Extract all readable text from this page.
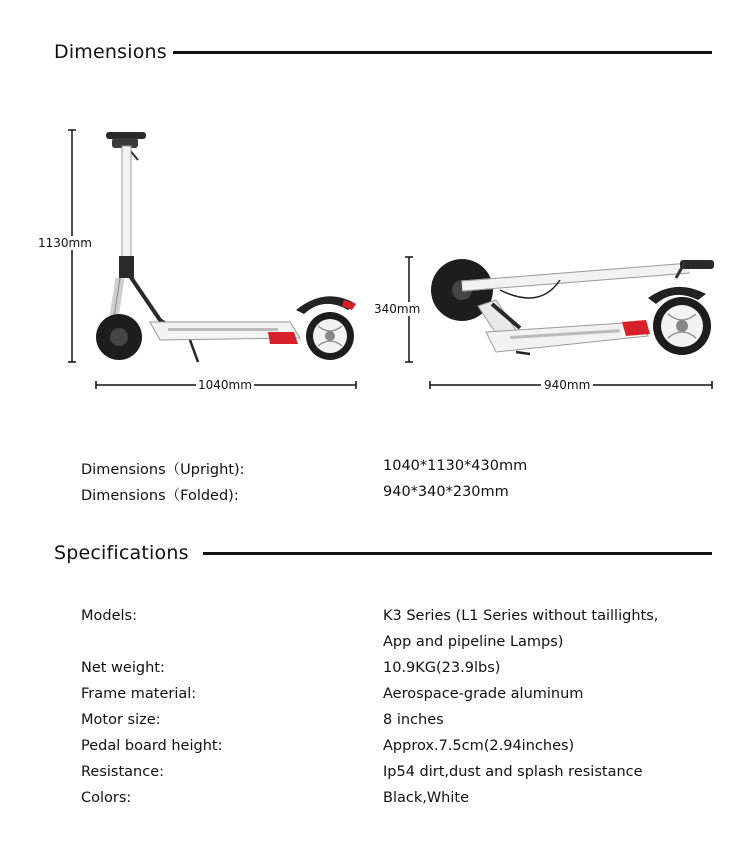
Dimensions
1130mm
1040mm
340mm
940mm
Dimensions（Upright):	1040*1130*430mm
Dimensions（Folded):	940*340*230mm
Specifications
Models:	K3 Series (L1 Series without taillights,
App and pipeline Lamps)
Net weight:	10.9KG(23.9lbs)
Frame material:	Aerospace-grade aluminum
Motor size:	8 inches
Pedal board height:	Approx.7.5cm(2.94inches)
Resistance:	Ip54 dirt,dust and splash resistance
Colors:	Black,White
